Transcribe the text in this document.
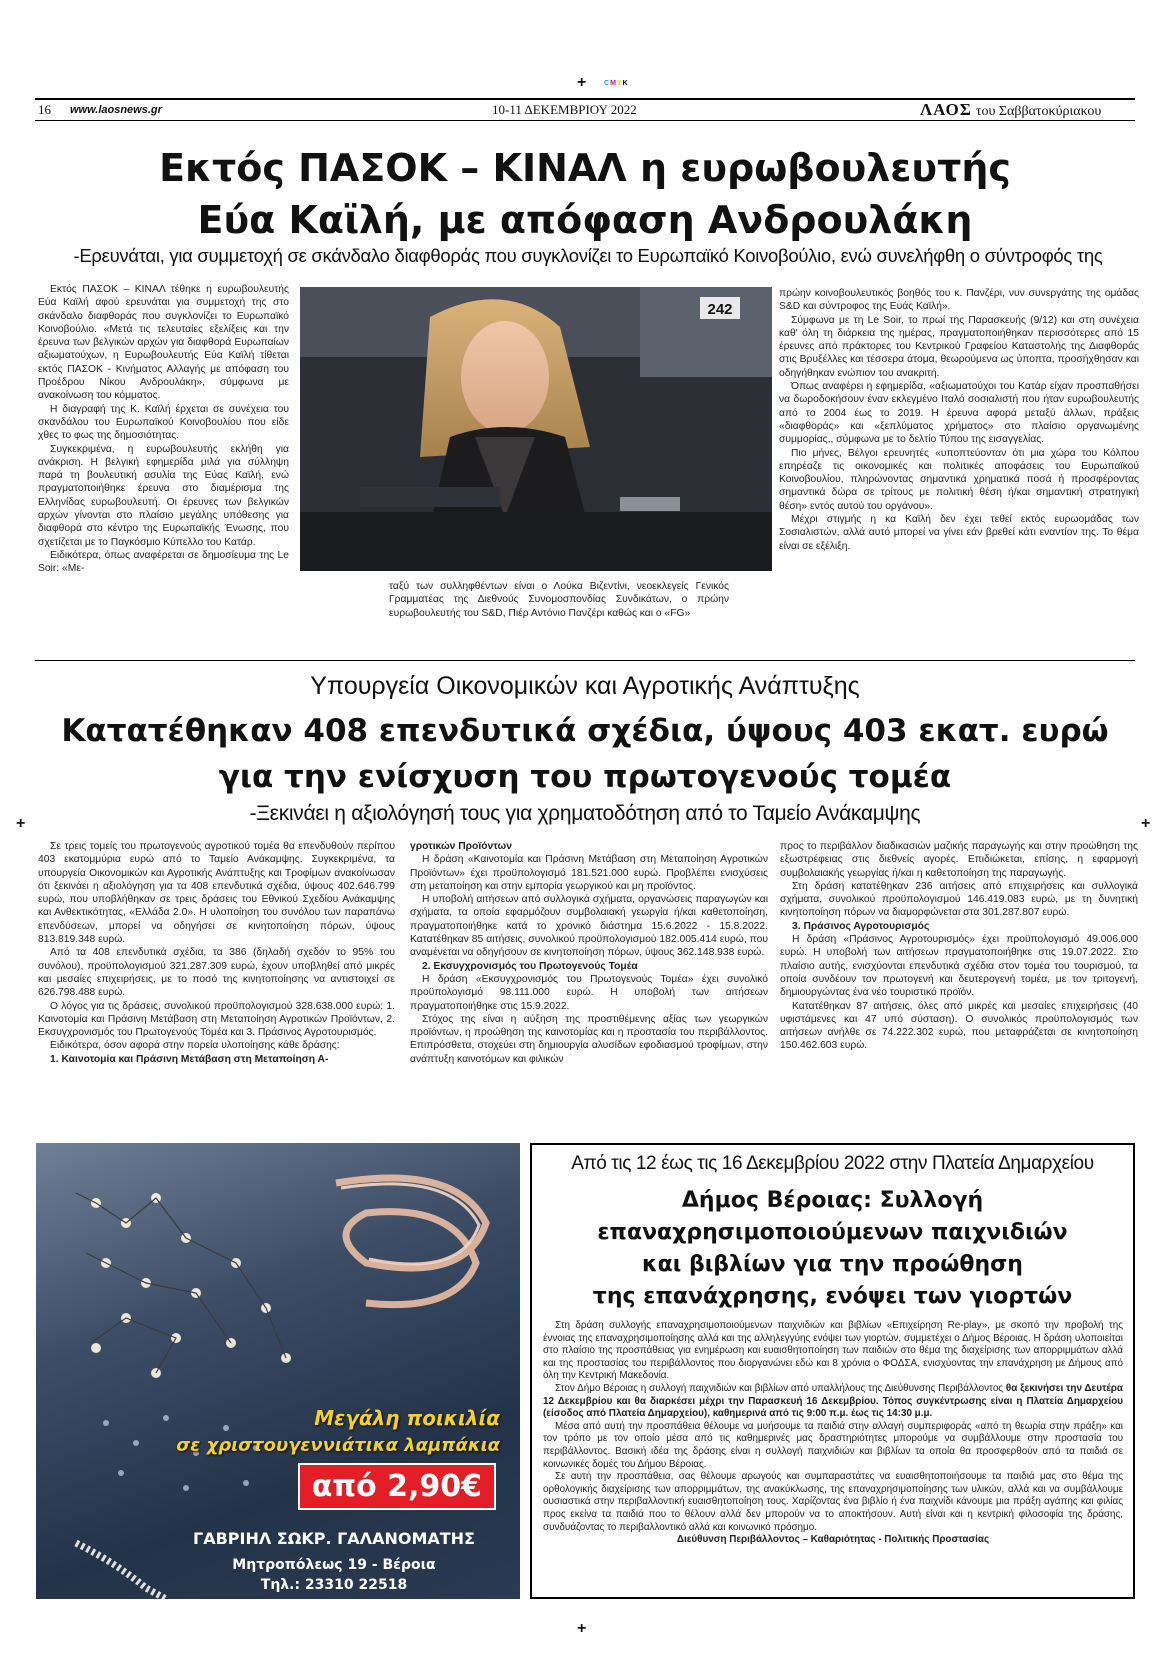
+	CMYK
+	+
+
16 www.laosnews.gr	10-11 ΔΕΚΕΜΒΡΙΟΥ 2022	ΛΑΟΣ του Σαββατοκύριακου
Εκτός ΠΑΣΟΚ – ΚΙΝΑΛ η ευρωβουλευτής
Εύα Καϊλή, με απόφαση Ανδρουλάκη
-Ερευνάται, για συμμετοχή σε σκάνδαλο διαφθοράς που συγκλονίζει το Ευρωπαϊκό Κοινοβούλιο, ενώ συνελήφθη ο σύντροφός της

Εκτός ΠΑΣΟΚ – ΚΙΝΑΛ τέθηκε η ευρωβουλευτής Εύα Καϊλή αφού ερευνάται για συμμετοχή της στο σκάνδαλο διαφθοράς που συγκλονίζει το Ευρωπαϊκό Κοινοβούλιο. «Μετά τις τελευταίες εξελίξεις και την έρευνα των βελγικών αρχών για διαφθορά Ευρωπαίων αξιωματούχων, η Ευρωβουλευτής Εύα Καϊλή τίθεται εκτός ΠΑΣΟΚ - Κινήματος Αλλαγής με απόφαση του Προέδρου Νίκου Ανδρουλάκη», σύμφωνα με ανακοίνωση του κόμματος.

Η διαγραφή της Κ. Καϊλή έρχεται σε συνέχεια του σκανδάλου του Ευρωπαϊκού Κοινοβουλίου που είδε χθες το φως της δημοσιότητας.

Συγκεκριμένα, η ευρωβουλευτής εκλήθη για ανάκριση. Η βελγική εφημερίδα μιλά για σύλληψη παρά τη βουλευτική ασυλία της Εύας Καϊλή, ενώ πραγματοποιήθηκε έρευνα στο διαμέρισμα της Ελληνίδας ευρωβουλευτή. Οι έρευνες των βελγικών αρχών γίνονται στο πλαίσιο μεγάλης υπόθεσης για διαφθορά στο κέντρο της Ευρωπαϊκής Ένωσης, που σχετίζεται με το Παγκόσμιο Κύπελλο του Κατάρ.

Ειδικότερα, όπως αναφέρεται σε δημοσίευμα της Le Soir: «Με-

242

ταξύ των συλληφθέντων είναι ο Λούκα Βιζεντίνι, νεοεκλεγείς Γενικός Γραμματέας της Διεθνούς Συνομοσπονδίας Συνδικάτων, ο πρώην ευρωβουλευτής του S&D, Πιέρ Αντόνιο Πανζέρι καθώς και ο «FG»

πρώην κοινοβουλευτικός βοηθός του κ. Πανζέρι, νυν συνεργάτης της ομάδας S&D και σύντροφος της Ευάς Καϊλή».

Σύμφωνα με τη Le Soir, το πρωί της Παρασκευής (9/12) και στη συνέχεια καθ' όλη τη διάρκεια της ημέρας, πραγματοποιήθηκαν περισσότερες από 15 έρευνες από πράκτορες του Κεντρικού Γραφείου Καταστολής της Διαφθοράς στις Βρυξέλλες και τέσσερα άτομα, θεωρούμενα ως ύποπτα, προσήχθησαν και οδηγήθηκαν ενώπιον του ανακριτή.

Όπως αναφέρει η εφημερίδα, «αξιωματούχοι του Κατάρ είχαν προσπαθήσει να δωροδοκήσουν έναν εκλεγμένο Ιταλό σοσιαλιστή που ήταν ευρωβουλευτής από το 2004 έως το 2019. Η έρευνα αφορά μεταξύ άλλων, πράξεις «διαφθοράς» και «ξεπλύματος χρήματος» στο πλαίσιο οργανωμένης συμμορίας,, σύμφωνα με το δελτίο Τύπου της εισαγγελίας.

Πιο μήνες, Βέλγοι ερευνητές «υποπτεύονταν ότι μια χώρα του Κόλπου επηρέαζε τις οικονομικές και πολιτικές αποφάσεις του Ευρωπαϊκού Κοινοβουλίου, πληρώνοντας σημαντικά χρηματικά ποσά ή προσφέροντας σημαντικά δώρα σε τρίτους με πολιτική θέση ή/και σημαντική στρατηγική θέση» εντός αυτού του οργάνου».

Μέχρι στιγμής η κα Καϊλή δεν έχει τεθεί εκτός ευρωομάδας των Σοσιαλιστών, αλλά αυτό μπορεί να γίνει εάν βρεθεί κάτι εναντίον της. Το θέμα είναι σε εξέλιξη.

Υπουργεία Οικονομικών και Αγροτικής Ανάπτυξης
Κατατέθηκαν 408 επενδυτικά σχέδια, ύψους 403 εκατ. ευρώ
για την ενίσχυση του πρωτογενούς τομέα
-Ξεκινάει η αξιολόγησή τους για χρηματοδότηση από το Ταμείο Ανάκαμψης

Σε τρεις τομείς του πρωτογενούς αγροτικού τομέα θα επενδυθούν περίπου 403 εκατομμύρια ευρώ από το Ταμείο Ανάκαμψης. Συγκεκριμένα, τα υπουργεία Οικονομικών και Αγροτικής Ανάπτυξης και Τροφίμων ανακοίνωσαν ότι ξεκινάει η αξιολόγηση για τα 408 επενδυτικά σχέδια, ύψους 402.646.799 ευρώ, που υποβλήθηκαν σε τρεις δράσεις του Εθνικού Σχεδίου Ανάκαμψης και Ανθεκτικότητας, «Ελλάδα 2.0». Η υλοποίηση του συνόλου των παραπάνω επενδύσεων, μπορεί να οδηγήσει σε κινητοποίηση πόρων, ύψους 813.819.348 ευρώ.

Από τα 408 επενδυτικά σχέδια, τα 386 (δηλαδή σχεδόν το 95% του συνόλου), προϋπολογισμού 321.287.309 ευρώ, έχουν υποβληθεί από μικρές και μεσαίες επιχειρήσεις, με το ποσό της κινητοποίησης να αντιστοιχεί σε 626.798.488 ευρώ.

Ο λόγος για τις δράσεις, συνολικού προϋπολογισμού 328.638.000 ευρώ: 1. Καινοτομία και Πράσινη Μετάβαση στη Μεταποίηση Αγροτικών Προϊόντων, 2. Εκσυγχρονισμός του Πρωτογενούς Τομέα και 3. Πράσινος Αγροτουρισμός.

Ειδικότερα, όσον αφορά στην πορεία υλοποίησης κάθε δράσης:

1. Καινοτομία και Πράσινη Μετάβαση στη Μεταποίηση Α-

γροτικών Προϊόντων

Η δράση «Καινοτομία και Πράσινη Μετάβαση στη Μεταποίηση Αγροτικών Προϊόντων» έχει προϋπολογισμό 181.521.000 ευρώ. Προβλέπει ενισχύσεις στη μεταποίηση και στην εμπορία γεωργικού και μη προϊόντος.

Η υποβολή αιτήσεων από συλλογικά σχήματα, οργανώσεις παραγωγών και σχήματα, τα οποία εφαρμόζουν συμβολαιακή γεωργία ή/και καθετοποίηση, πραγματοποιήθηκε κατά το χρονικό διάστημα 15.6.2022 - 15.8.2022. Κατατέθηκαν 85 αιτήσεις, συνολικού προϋπολογισμού 182.005.414 ευρώ, που αναμένεται να οδηγήσουν σε κινητοποίηση πόρων, ύψους 362.148.938 ευρώ.

2. Εκσυγχρονισμός του Πρωτογενούς Τομέα

Η δράση «Εκσυγχρονισμός του Πρωτογενούς Τομέα» έχει συνολικό προϋπολογισμό 98.111.000 ευρώ. Η υποβολή των αιτήσεων πραγματοποιήθηκε στις 15.9.2022.

Στόχος της είναι η αύξηση της προστιθέμενης αξίας των γεωργικών προϊόντων, η προώθηση της καινοτομίας και η προστασία του περιβάλλοντος. Επιπρόσθετα, στοχεύει στη δημιουργία αλυσίδων εφοδιασμού τροφίμων, στην ανάπτυξη καινοτόμων και φιλικών

προς το περιβάλλον διαδικασιών μαζικής παραγωγής και στην προώθηση της εξωστρέφειας στις διεθνείς αγορές. Επιδιώκεται, επίσης, η εφαρμογή συμβολαιακής γεωργίας ή/και η καθετοποίηση της παραγωγής.

Στη δράση κατατέθηκαν 236 αιτήσεις από επιχειρήσεις και συλλογικά σχήματα, συνολικού προϋπολογισμού 146.419.083 ευρώ, με τη δυνητική κινητοποίηση πόρων να διαμορφώνεται στα 301.287.807 ευρώ.

3. Πράσινος Αγροτουρισμός

Η δράση «Πράσινος Αγροτουρισμός» έχει προϋπολογισμό 49.006.000 ευρώ. Η υποβολή των αιτήσεων πραγματοποιήθηκε στις 19.07.2022. Στο πλαίσιο αυτής, ενισχύονται επενδυτικά σχέδια στον τομέα του τουρισμού, τα οποία συνδέουν τον πρωτογενή και δευτερογενή τομέα, με τον τριτογενή, δημιουργώντας ένα νέο τουριστικό προϊόν.

Κατατέθηκαν 87 αιτήσεις, όλες από μικρές και μεσαίες επιχειρήσεις (40 υφιστάμενες και 47 υπό σύσταση). Ο συνολικός προϋπολογισμός των αιτήσεων ανήλθε σε 74.222.302 ευρώ, που μεταφράζεται σε κινητοποίηση 150.462.603 ευρώ.

Μεγάλη ποικιλία
σε χριστουγεννιάτικα λαμπάκια
από 2,90€
ΓΑΒΡΙΗΛ ΣΩΚΡ. ΓΑΛΑΝΟΜΑΤΗΣ
Μητροπόλεως 19 - Βέροια
Τηλ.: 23310 22518
Από τις 12 έως τις 16 Δεκεμβρίου 2022 στην Πλατεία Δημαρχείου
Δήμος Βέροιας: Συλλογή
επαναχρησιμοποιούμενων παιχνιδιών
και βιβλίων για την προώθηση
της επανάχρησης, ενόψει των γιορτών

Στη δράση συλλογής επαναχρησιμοποιούμενων παιχνιδιών και βιβλίων «Επιχείρηση Re-play», με σκοπό την προβολή της έννοιας της επαναχρησιμοποίησης αλλά και της αλληλεγγύης ενόψει των γιορτών, συμμετέχει ο Δήμος Βέροιας. Η δράση υλοποιείται στο πλαίσιο της προσπάθειας για ενημέρωση και ευαισθητοποίηση των παιδιών στο θέμα της διαχείρισης των απορριμμάτων αλλά και της προστασίας του περιβάλλοντος που διοργανώνει εδώ και 8 χρόνια ο ΦΟΔΣΑ, ενισχύοντας την επανάχρηση με Δήμους από όλη την Κεντρική Μακεδονία.

Στον Δήμο Βέροιας η συλλογή παιχνιδιών και βιβλίων από υπαλλήλους της Διεύθυνσης Περιβάλλοντος θα ξεκινήσει την Δευτέρα 12 Δεκεμβρίου και θα διαρκέσει μέχρι την Παρασκευή 16 Δεκεμβρίου. Τόπος συγκέντρωσης είναι η Πλατεία Δημαρχείου (είσοδος από Πλατεία Δημαρχείου), καθημερινά από τις 9:00 π.μ. έως τις 14:30 μ.μ.

Μέσα από αυτή την προσπάθεια θέλουμε να μυήσουμε τα παιδιά στην αλλαγή συμπεριφοράς «από τη θεωρία στην πράξη» και τον τρόπο με τον οποίο μέσα από τις καθημερινές μας δραστηριότητες μπορούμε να συμβάλλουμε στην προστασία του περιβάλλοντος. Βασική ιδέα της δράσης είναι η συλλογή παιχνιδιών και βιβλίων τα οποία θα προσφερθούν από τα παιδιά σε κοινωνικές δομές του Δήμου Βέροιας.

Σε αυτή την προσπάθεια, σας θέλουμε αρωγούς και συμπαραστάτες να ευαισθητοποιήσουμε τα παιδιά μας στο θέμα της ορθολογικής διαχείρισης των απορριμμάτων, της ανακύκλωσης, της επαναχρησιμοποίησης των υλικών, αλλά και να συμβάλλουμε ουσιαστικά στην περιβαλλοντική ευαισθητοποίηση τους. Χαρίζοντας ένα βιβλίο ή ένα παιχνίδι κάνουμε μια πράξη αγάπης και φιλίας προς εκείνα τα παιδιά που το θέλουν αλλά δεν μπορούν να το αποκτήσουν. Αυτή είναι και η κεντρική φιλοσοφία της δράσης, συνδυάζοντας το περιβαλλοντικό αλλά και κοινωνικό πρόσημο.

Διεύθυνση Περιβάλλοντος – Καθαριότητας - Πολιτικής Προστασίας
